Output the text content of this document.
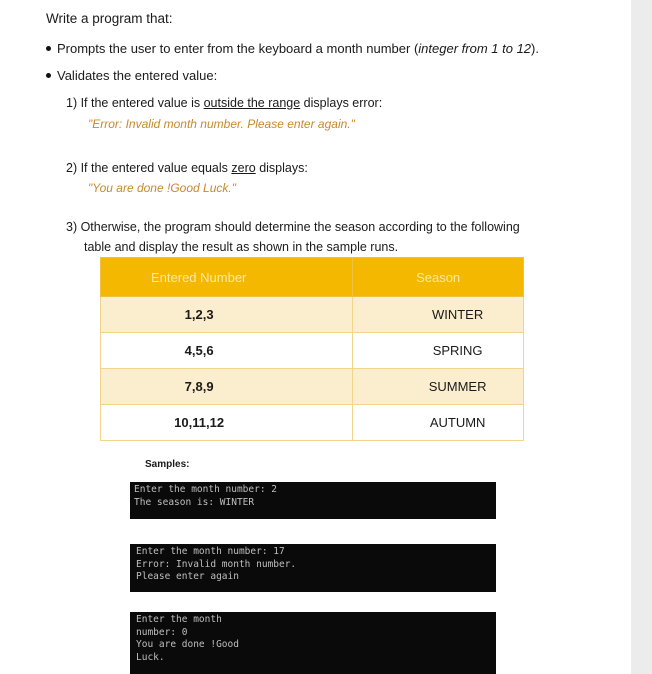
Write a program that:
Prompts the user to enter from the keyboard a month number (integer from 1 to 12).
Validates the entered value:
1) If the entered value is outside the range displays error:
"Error: Invalid month number. Please enter again."
2) If the entered value equals zero displays:
"You are done !Good Luck."
3) Otherwise, the program should determine the season according to the following
table and display the result as shown in the sample runs.
Entered Number	Season
1,2,3	WINTER
4,5,6	SPRING
7,8,9	SUMMER
10,11,12	AUTUMN
Samples:
Enter the month number: 2
The season is: WINTER
Enter the month number: 17
Error: Invalid month number.
Please enter again
Enter the month
number: 0
You are done !Good
Luck.
